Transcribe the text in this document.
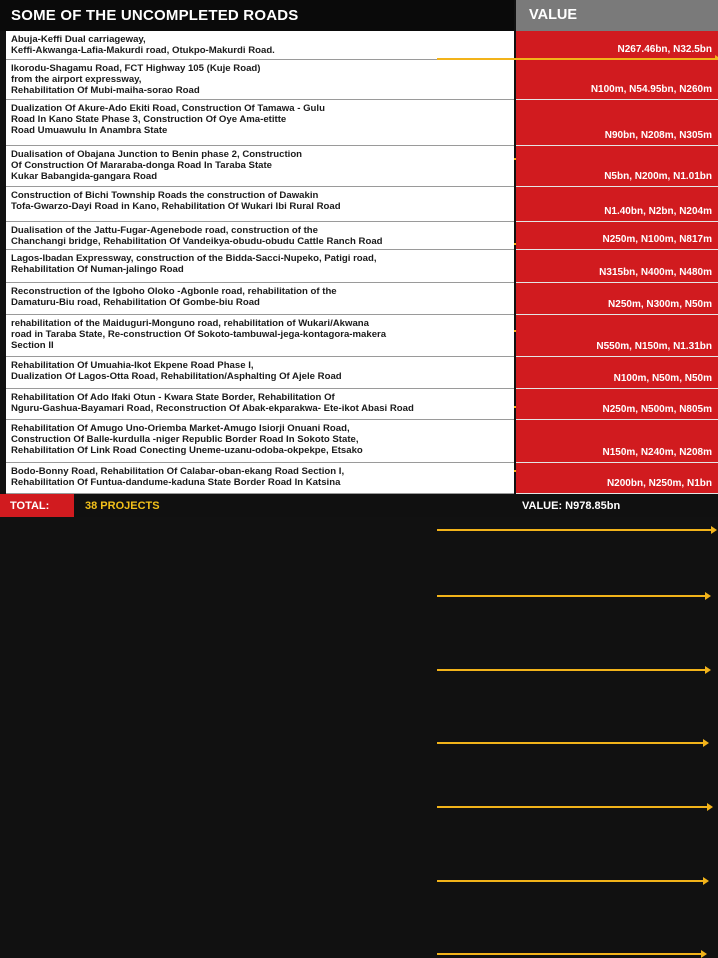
SOME OF THE UNCOMPLETED ROADS	VALUE
Abuja-Keffi Dual carriageway,
Keffi-Akwanga-Lafia-Makurdi road, Otukpo-Makurdi Road.	N267.46bn, N32.5bn
Ikorodu-Shagamu Road, FCT Highway 105 (Kuje Road)
from the airport expressway,
Rehabilitation Of Mubi-maiha-sorao Road	N100m, N54.95bn, N260m
Dualization Of Akure-Ado Ekiti Road, Construction Of Tamawa - Gulu
Road In Kano State Phase 3, Construction Of Oye Ama-etitte
Road Umuawulu In Anambra State	N90bn, N208m, N305m
Dualisation of Obajana Junction to Benin phase 2, Construction
Of Construction Of Mararaba-donga Road In Taraba State
Kukar Babangida-gangara Road	N5bn, N200m, N1.01bn
Construction of Bichi Township Roads the construction of Dawakin
Tofa-Gwarzo-Dayi Road in Kano, Rehabilitation Of Wukari Ibi Rural Road	N1.40bn, N2bn, N204m
Dualisation of the Jattu-Fugar-Agenebode road, construction of the
Chanchangi bridge, Rehabilitation Of Vandeikya-obudu-obudu Cattle Ranch Road	N250m, N100m, N817m
Lagos-Ibadan Expressway, construction of the Bidda-Sacci-Nupeko, Patigi road,
Rehabilitation Of Numan-jalingo Road	N315bn, N400m, N480m
Reconstruction of the Igboho Oloko -Agbonle road, rehabilitation of the
Damaturu-Biu road, Rehabilitation Of Gombe-biu Road	N250m, N300m, N50m
rehabilitation of the Maiduguri-Monguno road, rehabilitation of Wukari/Akwana
road in Taraba State, Re-construction Of Sokoto-tambuwal-jega-kontagora-makera
Section II	N550m, N150m, N1.31bn
Rehabilitation Of Umuahia-Ikot Ekpene Road Phase I,
Dualization Of Lagos-Otta Road, Rehabilitation/Asphalting Of Ajele Road	N100m, N50m, N50m
Rehabilitation Of Ado Ifaki Otun - Kwara State Border, Rehabilitation Of
Nguru-Gashua-Bayamari Road, Reconstruction Of Abak-ekparakwa- Ete-ikot Abasi Road	N250m, N500m, N805m
Rehabilitation Of Amugo Uno-Oriemba Market-Amugo Isiorji Onuani Road,
Construction Of Balle-kurdulla -niger Republic Border Road In Sokoto State,
Rehabilitation Of Link Road Conecting Uneme-uzanu-odoba-okpekpe, Etsako	N150m, N240m, N208m
Bodo-Bonny Road, Rehabilitation Of Calabar-oban-ekang Road Section I,
Rehabilitation Of Funtua-dandume-kaduna State Border Road In Katsina	N200bn, N250m, N1bn
TOTAL:	38 PROJECTS	VALUE: N978.85bn
